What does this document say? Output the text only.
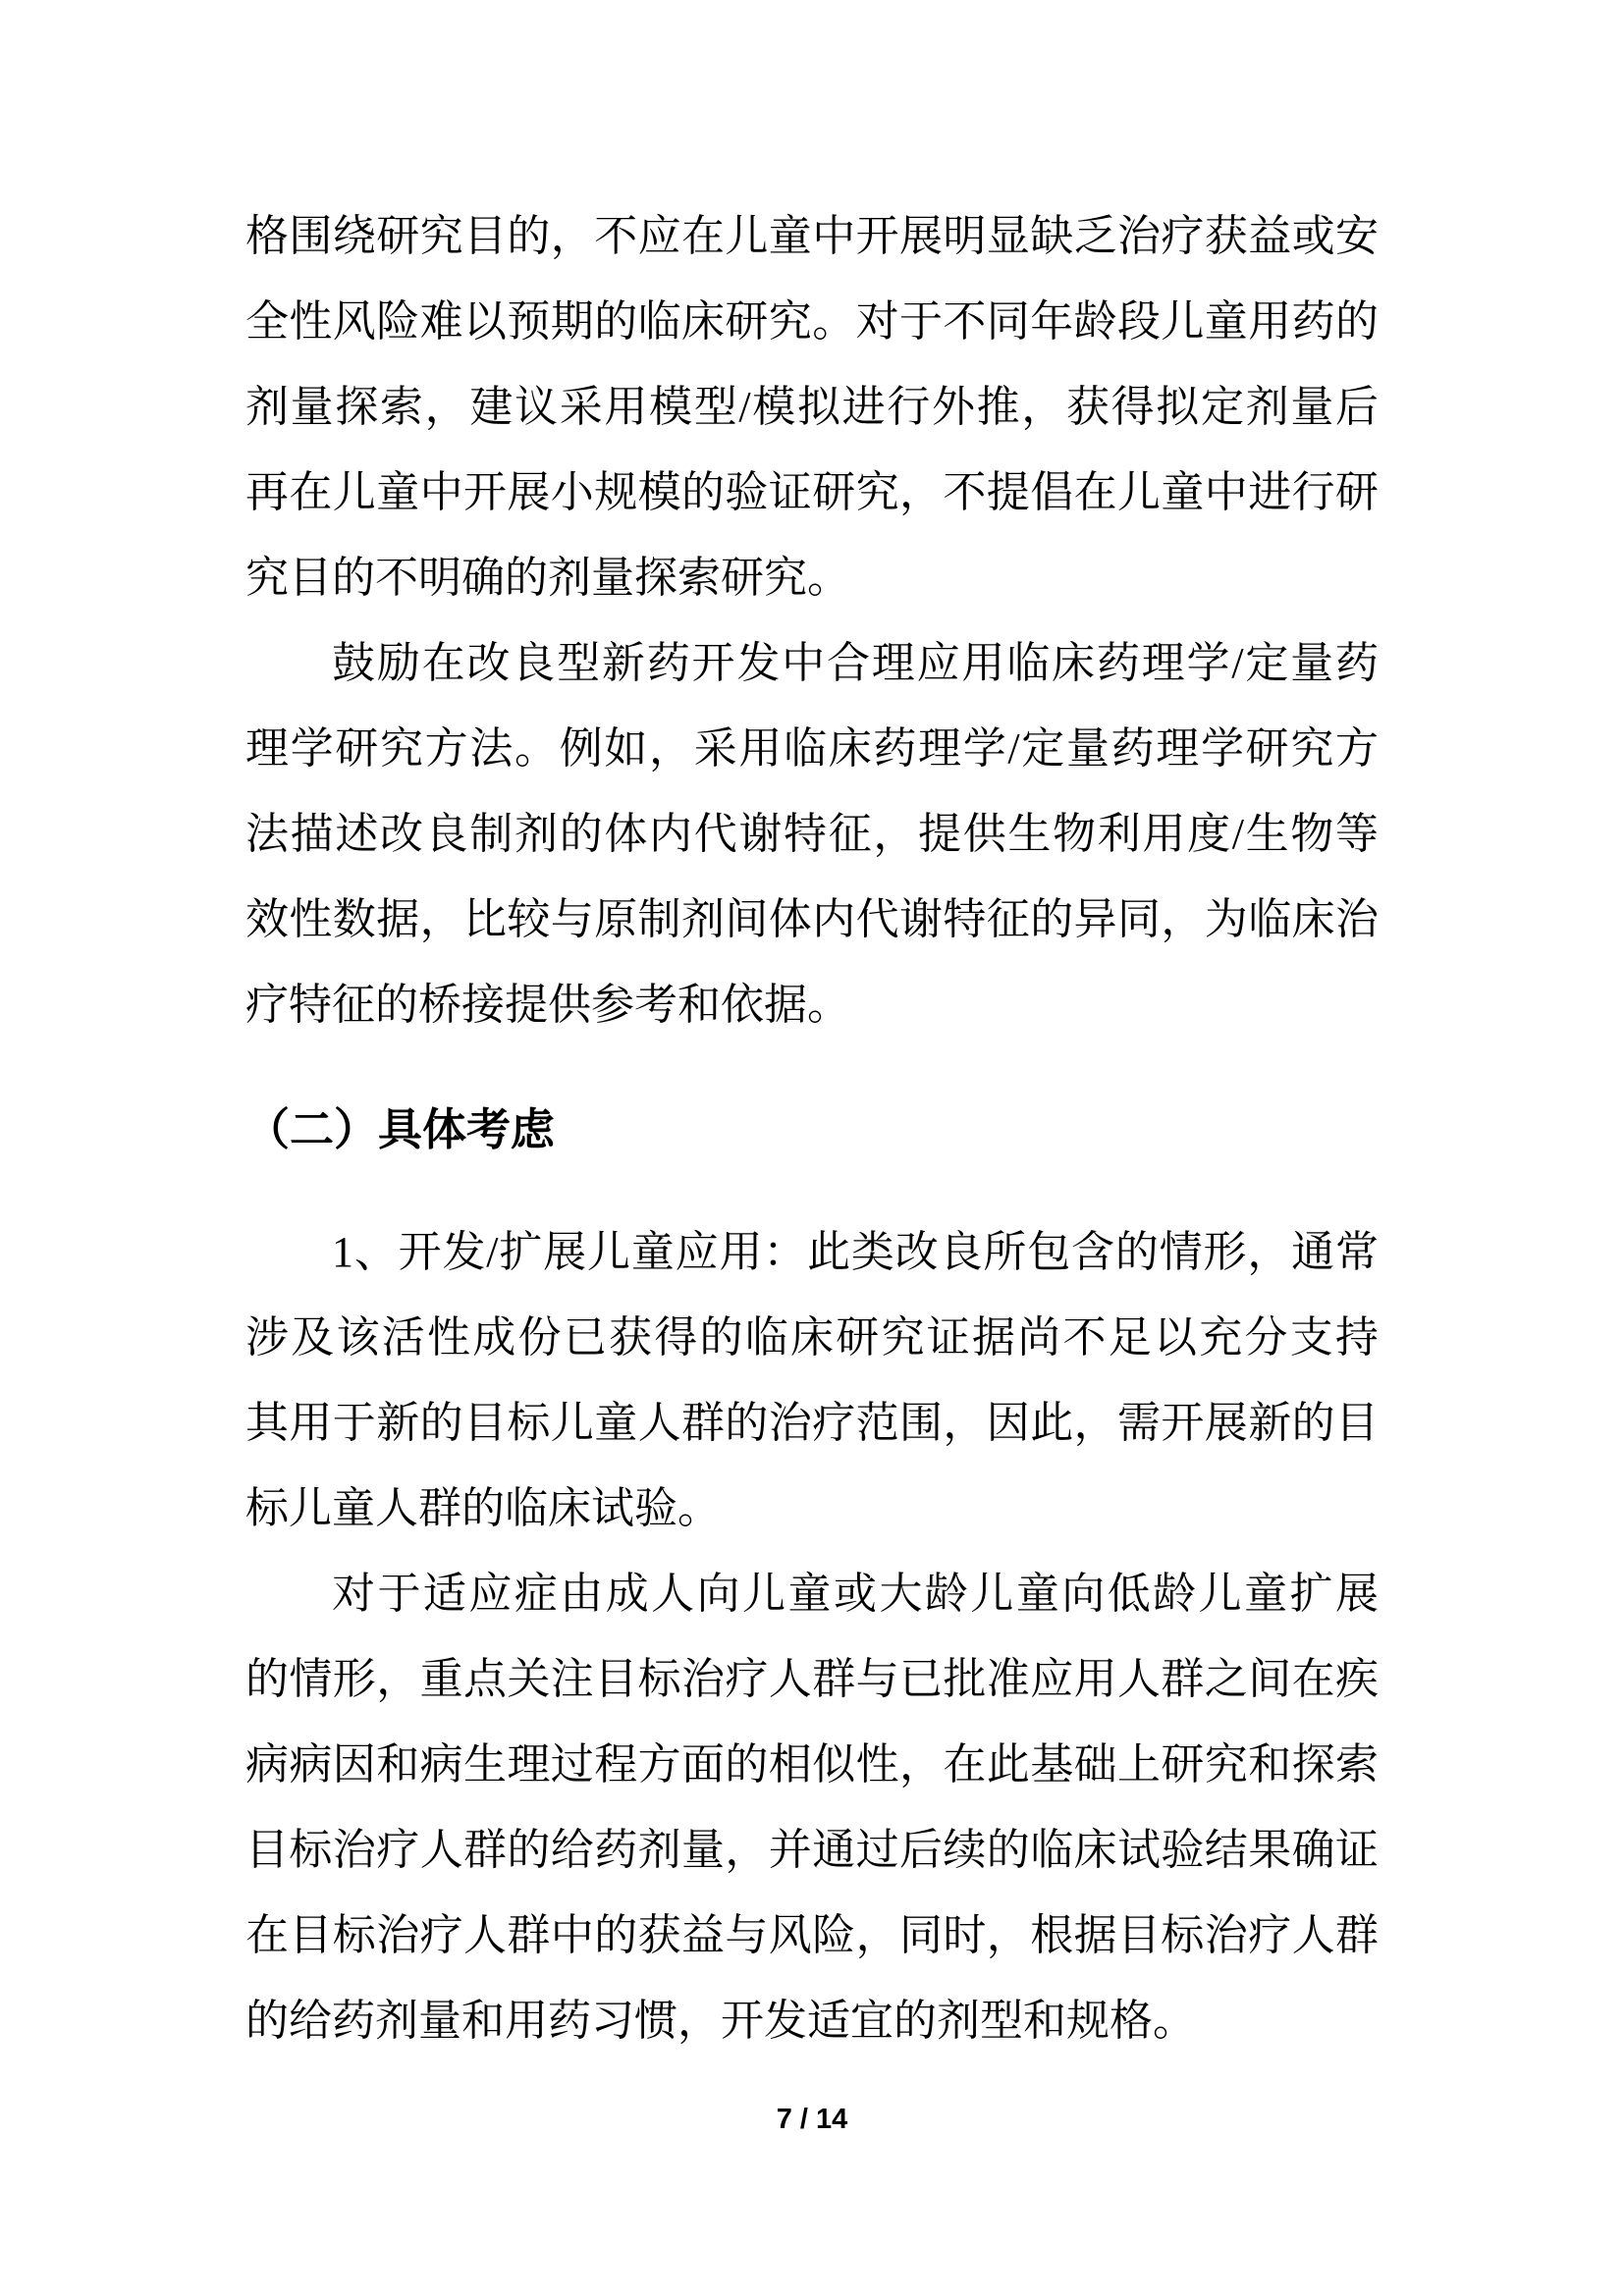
格围绕研究目的，不应在儿童中开展明显缺乏治疗获益或安

全性风险难以预期的临床研究。对于不同年龄段儿童用药的

剂量探索，建议采用模型/模拟进行外推，获得拟定剂量后

再在儿童中开展小规模的验证研究，不提倡在儿童中进行研

究目的不明确的剂量探索研究。

鼓励在改良型新药开发中合理应用临床药理学/定量药

理学研究方法。例如，采用临床药理学/定量药理学研究方

法描述改良制剂的体内代谢特征，提供生物利用度/生物等

效性数据，比较与原制剂间体内代谢特征的异同，为临床治

疗特征的桥接提供参考和依据。

（二）具体考虑

1、开发/扩展儿童应用：此类改良所包含的情形，通常

涉及该活性成份已获得的临床研究证据尚不足以充分支持

其用于新的目标儿童人群的治疗范围，因此，需开展新的目

标儿童人群的临床试验。

对于适应症由成人向儿童或大龄儿童向低龄儿童扩展

的情形，重点关注目标治疗人群与已批准应用人群之间在疾

病病因和病生理过程方面的相似性，在此基础上研究和探索

目标治疗人群的给药剂量，并通过后续的临床试验结果确证

在目标治疗人群中的获益与风险，同时，根据目标治疗人群

的给药剂量和用药习惯，开发适宜的剂型和规格。

7 / 14
